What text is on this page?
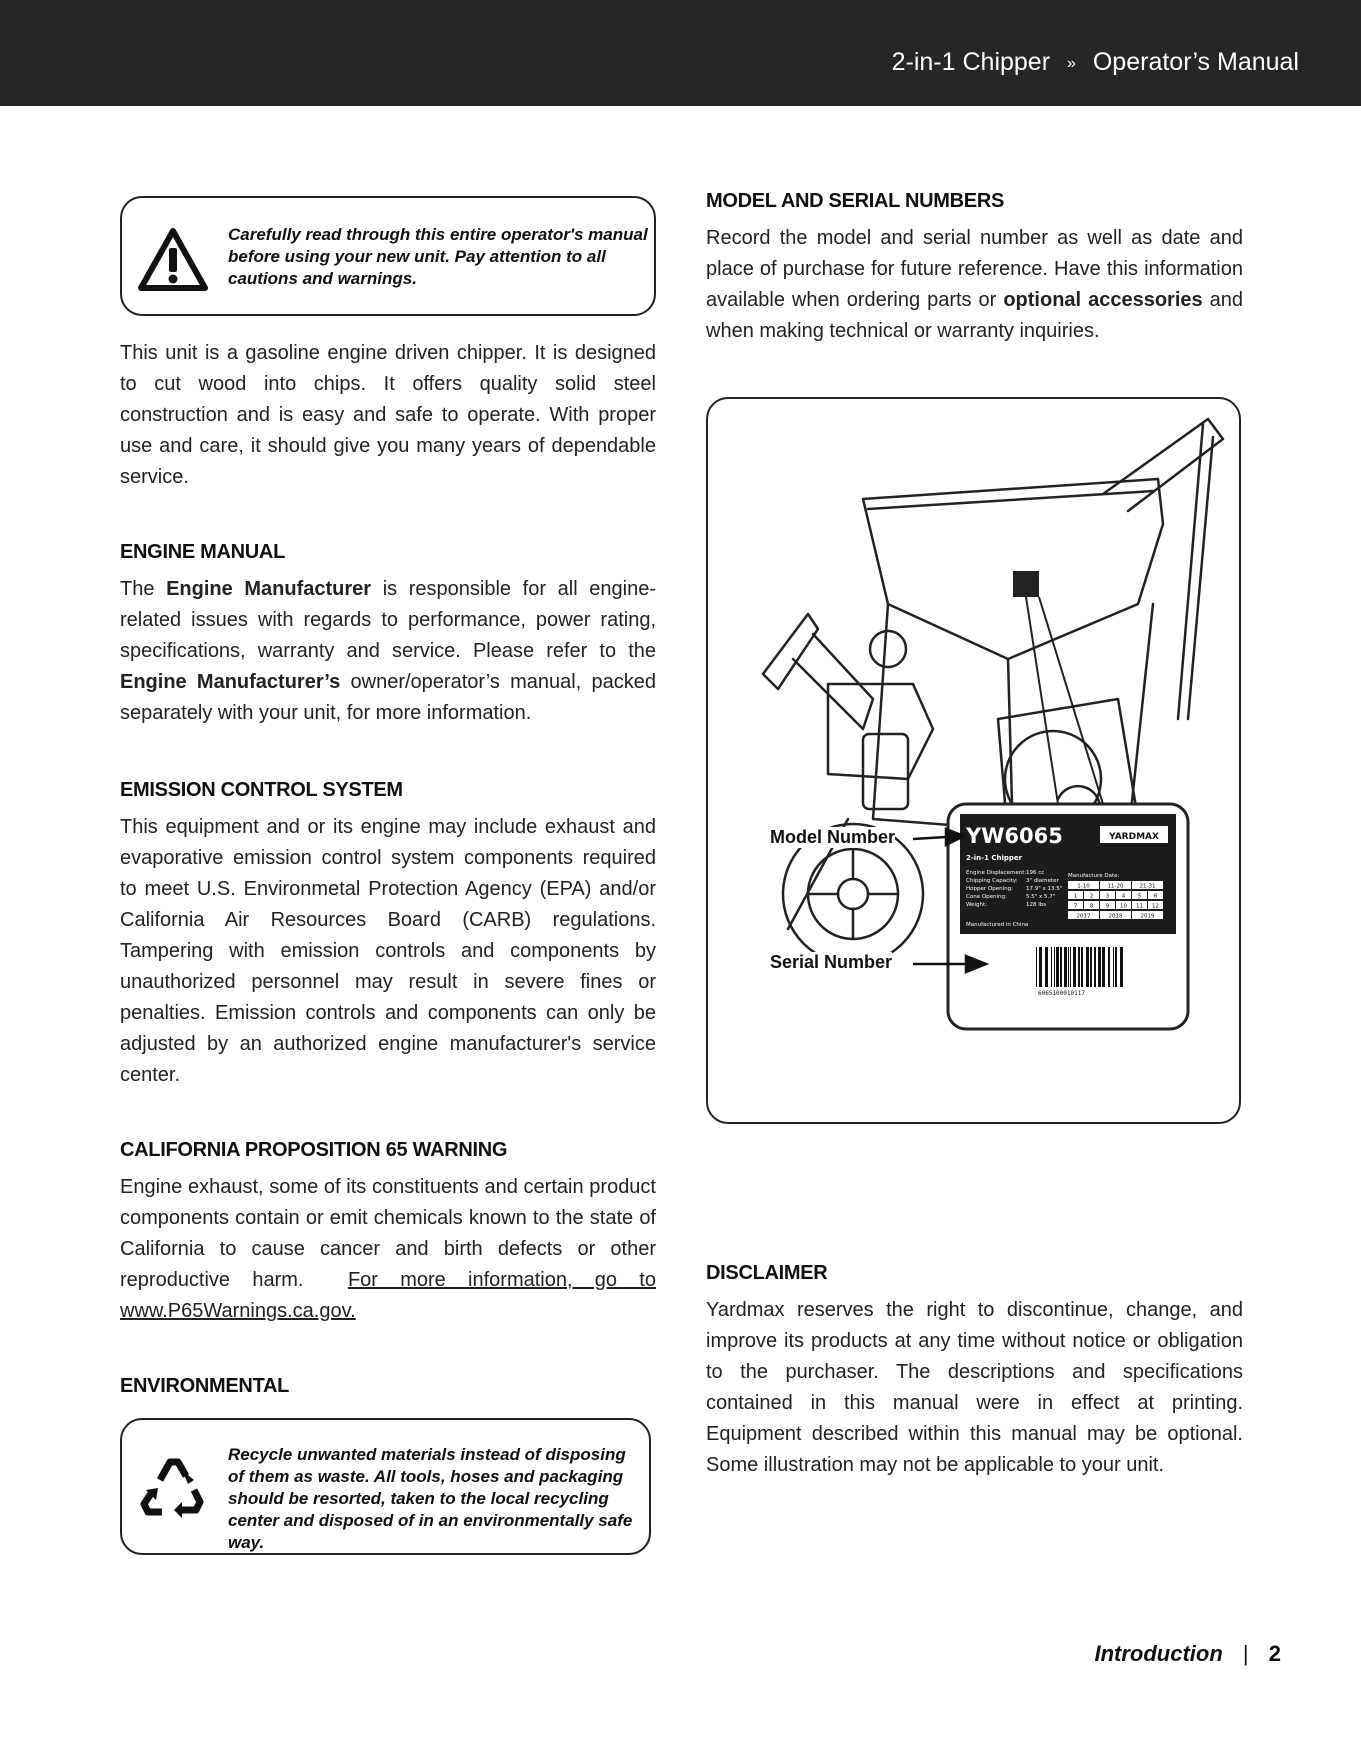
2-in-1 Chipper » Operator’s Manual
Carefully read through this entire operator's manual before using your new unit. Pay attention to all cautions and warnings.

This unit is a gasoline engine driven chipper. It is designed to cut wood into chips. It offers quality solid steel construction and is easy and safe to operate. With proper use and care, it should give you many years of dependable service.

ENGINE MANUAL

The Engine Manufacturer is responsible for all engine-related issues with regards to performance, power rating, specifications, warranty and service. Please refer to the Engine Manufacturer’s owner/operator’s manual, packed separately with your unit, for more information.

EMISSION CONTROL SYSTEM

This equipment and or its engine may include exhaust and evaporative emission control system components required to meet U.S. Environmetal Protection Agency (EPA) and/or California Air Resources Board (CARB) regulations. Tampering with emission controls and components by unauthorized personnel may result in severe fines or penalties. Emission controls and components can only be adjusted by an authorized engine manufacturer's service center.

CALIFORNIA PROPOSITION 65 WARNING

Engine exhaust, some of its constituents and certain product components contain or emit chemicals known to the state of California to cause cancer and birth defects or other reproductive harm. For more information, go to www.P65Warnings.ca.gov.

ENVIRONMENTAL
Recycle unwanted materials instead of disposing of them as waste. All tools, hoses and packaging should be resorted, taken to the local recycling center and disposed of in an environmentally safe way.
MODEL AND SERIAL NUMBERS

Record the model and serial number as well as date and place of purchase for future reference. Have this information available when ordering parts or optional accessories and when making technical or warranty inquiries.

YW6065	YARDMAX
2-in-1 Chipper
Engine Displacement: 196 cc
Chipping Capacity: 3" diameter
Hopper Opening: 17.9" x 13.5"
Cone Opening:	5.5" x 5.7"
Weight:	128 lbs
Manufacture Date:
1-10	11-20	21-31
1 2 3 4 5 6
7 8 9 10 11 12
2017	2018	2019
Manufactured in China
6065100010117
Model Number
Serial Number
DISCLAIMER

Yardmax reserves the right to discontinue, change, and improve its products at any time without notice or obligation to the purchaser. The descriptions and specifications contained in this manual were in effect at printing. Equipment described within this manual may be optional. Some illustration may not be applicable to your unit.

Introduction | 2
